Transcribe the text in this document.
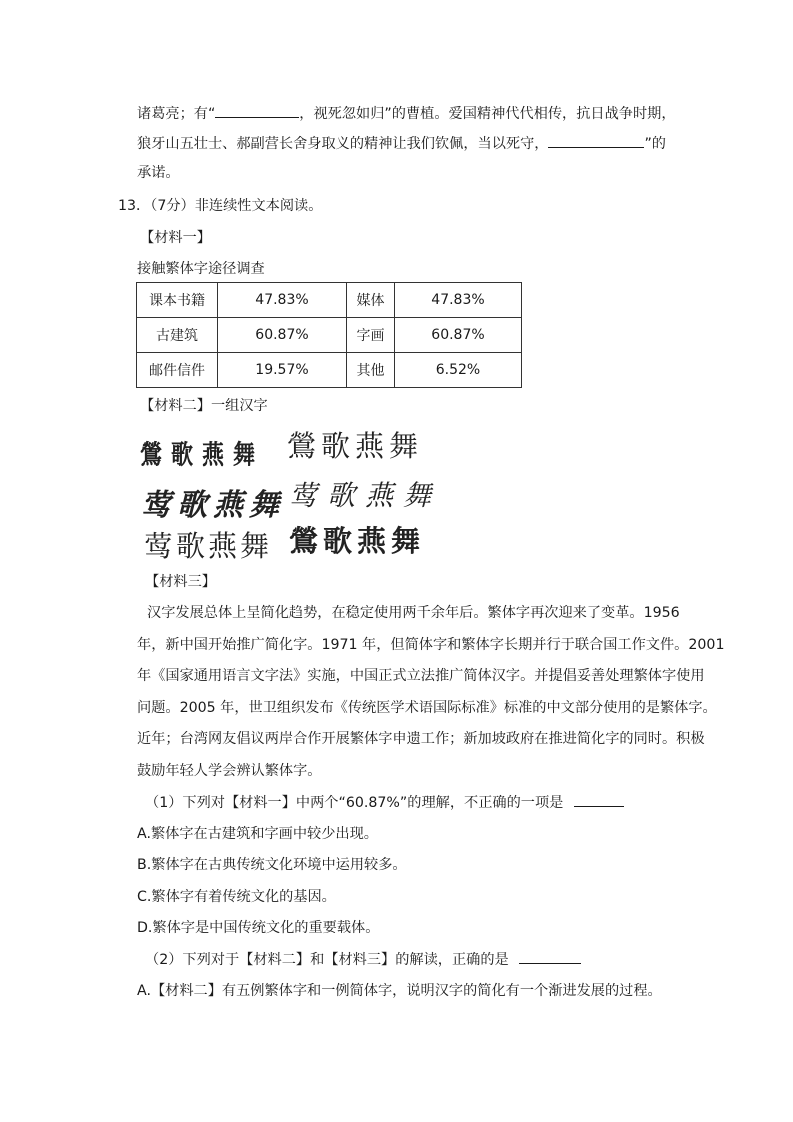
诸葛亮；有“	，视死忽如归”的曹植。爱国精神代代相传，抗日战争时期，
狼牙山五壮士、郝副营长舍身取义的精神让我们钦佩，当以死守，	”的
承诺。
13．（7分）非连续性文本阅读。
【材料一】
接触繁体字途径调查
课本书籍	47.83%	媒体	47.83%
古建筑	60.87%	字画	60.87%
邮件信件	19.57%	其他	6.52%
【材料二】一组汉字
鶯歌燕舞 鶯歌燕舞
莺歌燕舞 莺歌燕舞
莺歌燕舞 鶯歌燕舞
【材料三】
汉字发展总体上呈简化趋势，在稳定使用两千余年后。繁体字再次迎来了变革。1956
年，新中国开始推广简化字。1971 年，但简体字和繁体字长期并行于联合国工作文件。2001
年《国家通用语言文字法》实施，中国正式立法推广简体汉字。并提倡妥善处理繁体字使用
问题。2005 年，世卫组织发布《传统医学术语国际标准》标准的中文部分使用的是繁体字。
近年；台湾网友倡议两岸合作开展繁体字申遗工作；新加坡政府在推进简化字的同时。积极
鼓励年轻人学会辨认繁体字。
（1）下列对【材料一】中两个“60.87%”的理解，不正确的一项是
A.繁体字在古建筑和字画中较少出现。
B.繁体字在古典传统文化环境中运用较多。
C.繁体字有着传统文化的基因。
D.繁体字是中国传统文化的重要载体。
（2）下列对于【材料二】和【材料三】的解读，正确的是
A.【材料二】有五例繁体字和一例简体字，说明汉字的简化有一个渐进发展的过程。
